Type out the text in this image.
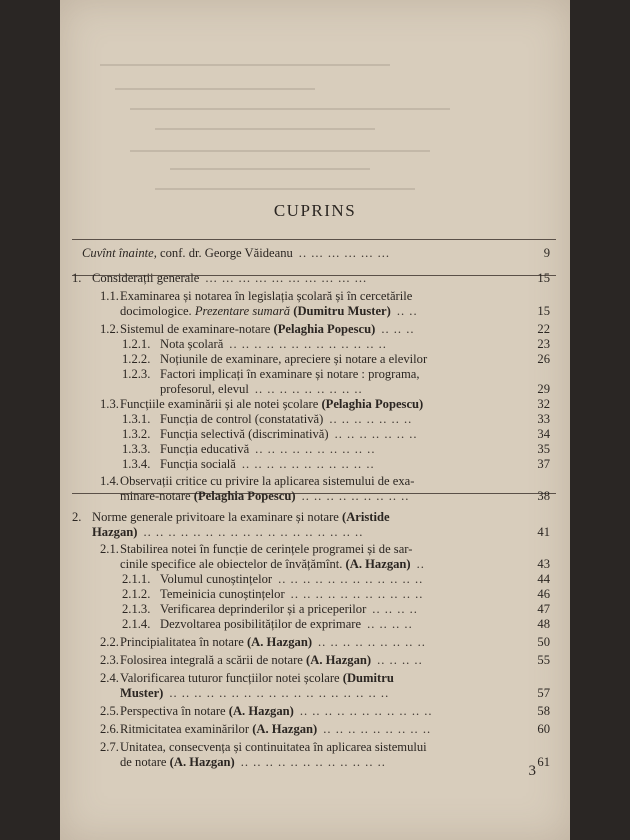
CUPRINS
Cuvînt înainte, conf. dr. George Văideanu .. ... ... ... ... ...	9
1. Considerații generale ... ... ... ... ... ... ... ... ... ...	15
1.1. Examinarea și notarea în legislația școlară și în cercetările
docimologice. Prezentare sumară (Dumitru Muster) .. ..	15
1.2. Sistemul de examinare-notare (Pelaghia Popescu) .. .. ..	22
1.2.1. Nota școlară .. .. .. .. .. .. .. .. .. .. .. .. ..	23
1.2.2. Noțiunile de examinare, apreciere și notare a elevilor	26
1.2.3. Factori implicați în examinare și notare : programa,
profesorul, elevul .. .. .. .. .. .. .. .. ..	29
1.3. Funcțiile examinării și ale notei școlare (Pelaghia Popescu)	32
1.3.1. Funcția de control (constatativă) .. .. .. .. .. .. ..	33
1.3.2. Funcția selectivă (discriminativă) .. .. .. .. .. .. ..	34
1.3.3. Funcția educativă .. .. .. .. .. .. .. .. .. ..	35
1.3.4. Funcția socială .. .. .. .. .. .. .. .. .. .. ..	37
1.4. Observații critice cu privire la aplicarea sistemului de exa-
minare-notare (Pelaghia Popescu) .. .. .. .. .. .. .. .. ..	38
2. Norme generale privitoare la examinare și notare (Aristide
Hazgan) .. .. .. .. .. .. .. .. .. .. .. .. .. .. .. .. .. ..	41
2.1. Stabilirea notei în funcție de cerințele programei și de sar-
cinile specifice ale obiectelor de învățămînt. (A. Hazgan) ..	43
2.1.1. Volumul cunoștințelor .. .. .. .. .. .. .. .. .. .. .. ..	44
2.1.2. Temeinicia cunoștințelor .. .. .. .. .. .. .. .. .. .. ..	46
2.1.3. Verificarea deprinderilor și a priceperilor .. .. .. ..	47
2.1.4. Dezvoltarea posibilităților de exprimare .. .. .. ..	48
2.2. Principialitatea în notare (A. Hazgan) .. .. .. .. .. .. .. .. ..	50
2.3. Folosirea integrală a scării de notare (A. Hazgan) .. .. .. ..	55
2.4. Valorificarea tuturor funcțiilor notei școlare (Dumitru
Muster) .. .. .. .. .. .. .. .. .. .. .. .. .. .. .. .. .. ..	57
2.5. Perspectiva în notare (A. Hazgan) .. .. .. .. .. .. .. .. .. .. ..	58
2.6. Ritmicitatea examinărilor (A. Hazgan) .. .. .. .. .. .. .. .. ..	60
2.7. Unitatea, consecvența și continuitatea în aplicarea sistemului
de notare (A. Hazgan) .. .. .. .. .. .. .. .. .. .. .. ..	61
3
